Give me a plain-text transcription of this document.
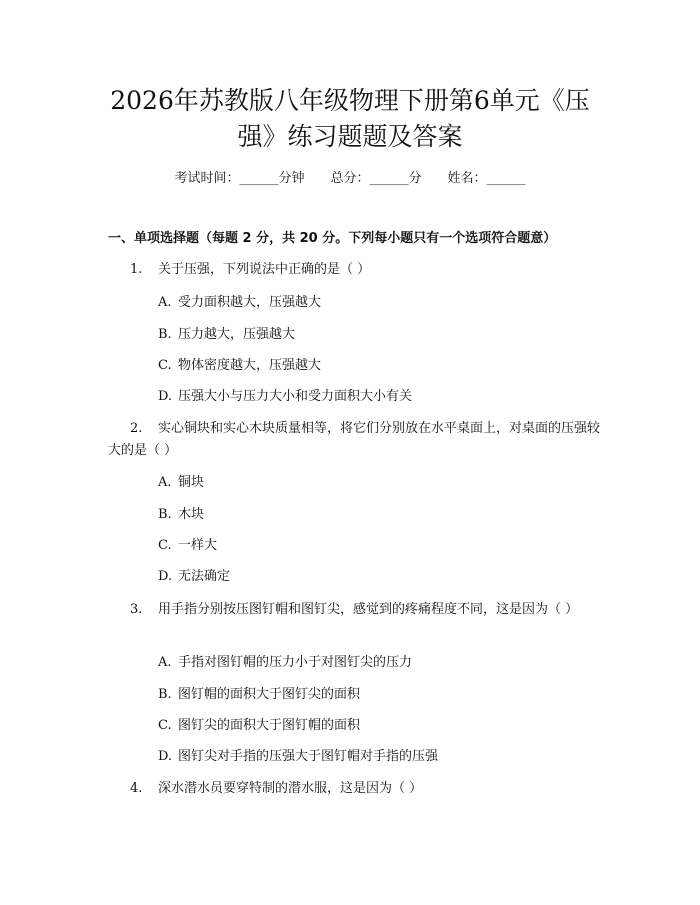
2026年苏教版八年级物理下册第6单元《压
强》练习题题及答案
考试时间：______分钟 总分：______分 姓名：______
一、单项选择题（每题 2 分，共 20 分。下列每小题只有一个选项符合题意）
1. 关于压强，下列说法中正确的是（ ）
A. 受力面积越大，压强越大
B. 压力越大，压强越大
C. 物体密度越大，压强越大
D. 压强大小与压力大小和受力面积大小有关
2. 实心铜块和实心木块质量相等，将它们分别放在水平桌面上，对桌面的压强较大的是（ ）
A. 铜块
B. 木块
C. 一样大
D. 无法确定
3. 用手指分别按压图钉帽和图钉尖，感觉到的疼痛程度不同，这是因为（ ）
A. 手指对图钉帽的压力小于对图钉尖的压力
B. 图钉帽的面积大于图钉尖的面积
C. 图钉尖的面积大于图钉帽的面积
D. 图钉尖对手指的压强大于图钉帽对手指的压强
4. 深水潜水员要穿特制的潜水服，这是因为（ ）
